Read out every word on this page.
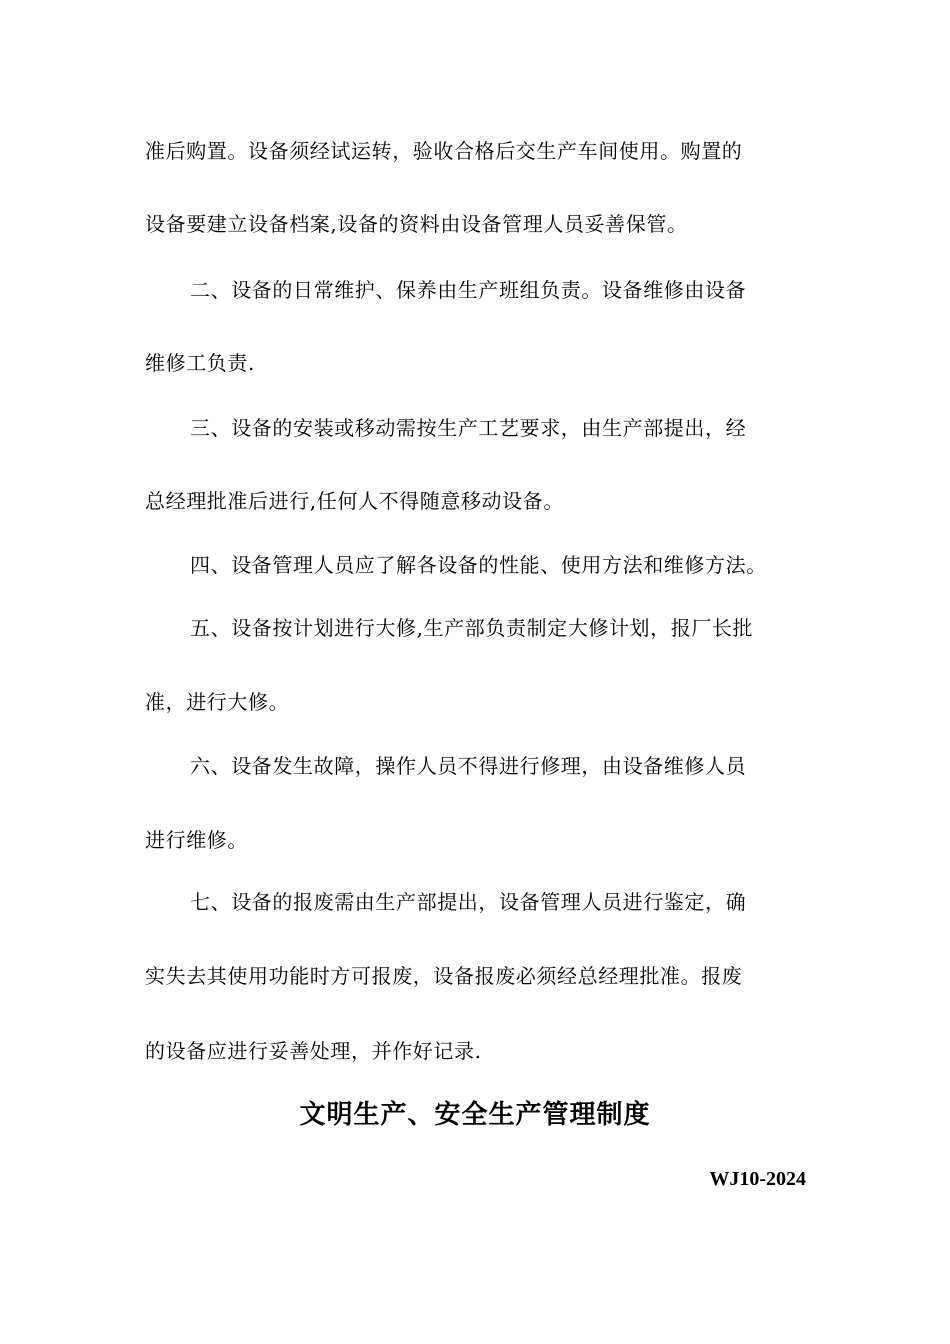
准后购置。设备须经试运转，验收合格后交生产车间使用。购置的
设备要建立设备档案,设备的资料由设备管理人员妥善保管。
二、设备的日常维护、保养由生产班组负责。设备维修由设备
维修工负责.
三、设备的安装或移动需按生产工艺要求，由生产部提出，经
总经理批准后进行,任何人不得随意移动设备。
四、设备管理人员应了解各设备的性能、使用方法和维修方法。
五、设备按计划进行大修,生产部负责制定大修计划，报厂长批
准，进行大修。
六、设备发生故障，操作人员不得进行修理，由设备维修人员
进行维修。
七、设备的报废需由生产部提出，设备管理人员进行鉴定，确
实失去其使用功能时方可报废，设备报废必须经总经理批准。报废
的设备应进行妥善处理，并作好记录.
文明生产、安全生产管理制度
WJ10-2024
